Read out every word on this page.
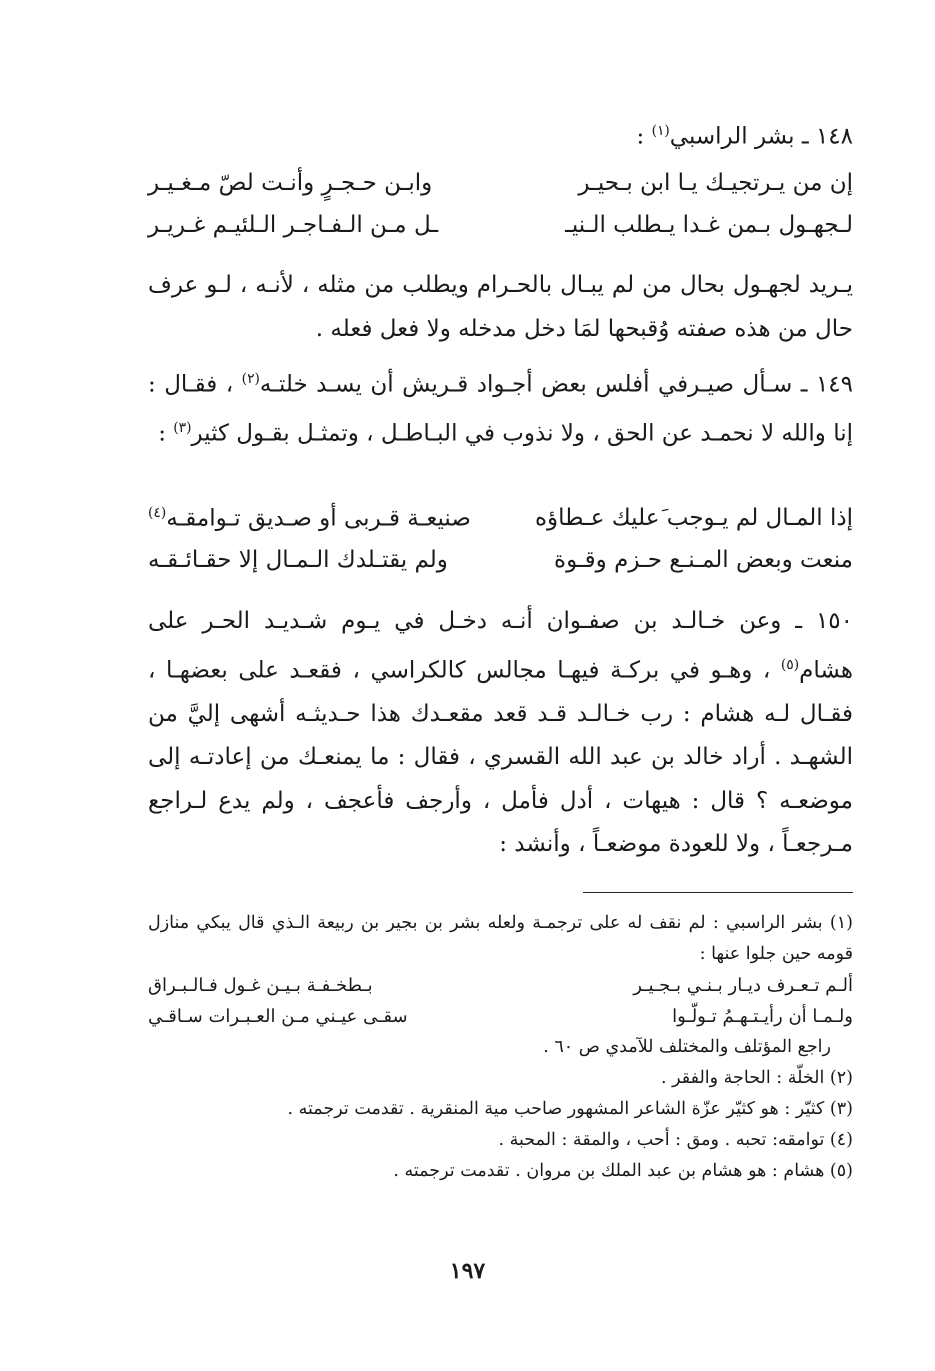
١٤٨ ـ بشر الراسبي$^{(١)}$ :
إن من يـرتجيـك يـا ابن بـحيـر
وابـن حـجـرٍ وأنـت لصّ مـغـيـر
لـجهـول بـمن غـدا يـطلب الـنيـ
ـل مـن الـفـاجـر الـلئيـم غـريـر
يـريد لجهـول بحال من لم يبـال بالحـرام ويطلب من مثله ، لأنـه ، لـو عرف حال من هذه صفته وُقبحها لمَا دخل مدخله ولا فعل فعله .
١٤٩ ـ سـأل صيـرفي أفلس بعض أجـواد قـريش أن يسـد خلتـه$^{(٢)}$ ، فقـال : إنا والله لا نحمـد عن الحق ، ولا نذوب في البـاطـل ، وتمثـل بقـول كثير$^{(٣)}$ :
إذا المـال لم يـوجب َعليك عـطاؤه
صنيعـة قـربى أو صـديق تـوامقـه$^{(٤)}$
منعت وبعض المـنـع حـزم وقـوة
ولم يقتـلدك الـمـال إلا حقـائـقـه
١٥٠ ـ وعن خـالـد بن صفـوان أنـه دخـل في يـوم شـديـد الحـر على هشام$^{(٥)}$ ، وهـو في بركـة فيهـا مجالس كالكراسي ، فقعـد على بعضهـا ، فقـال لـه هشام : رب خـالـد قـد قعد مقعـدك هذا حـديثـه أشهى إليَّ من الشهـد . أراد خالد بن عبد الله القسري ، فقال : ما يمنعـك من إعادتـه إلى موضعـه ؟ قال : هيهات ، أدل فأمل ، وأرجف فأعجف ، ولم يدع لـراجع مـرجعـاً ، ولا للعودة موضعـاً ، وأنشد :
(١) بشر الراسبي : لم نقف له على ترجمـة ولعله بشر بن بجير بن ربيعة الـذي قال يبكي منازل قومه حين جلوا عنها :
ألـم تـعـرف ديـار بـنـي بـجـيـر
بـطخـفـة بـيـن غـول فـالـبـراق
ولـمـا أن رأيـتـهـمُ تـولّـوا
سقـى عيـني مـن العـبـرات سـاقـي
راجع المؤتلف والمختلف للآمدي ص ٦٠ .
(٢) الخلّة : الحاجة والفقر .
(٣) كثيّر : هو كثيّر عزّة الشاعر المشهور صاحب مية المنقرية . تقدمت ترجمته .
(٤) توامقه: تحبه . ومق : أحب ، والمقة : المحبة .
(٥) هشام : هو هشام بن عبد الملك بن مروان . تقدمت ترجمته .
١٩٧
